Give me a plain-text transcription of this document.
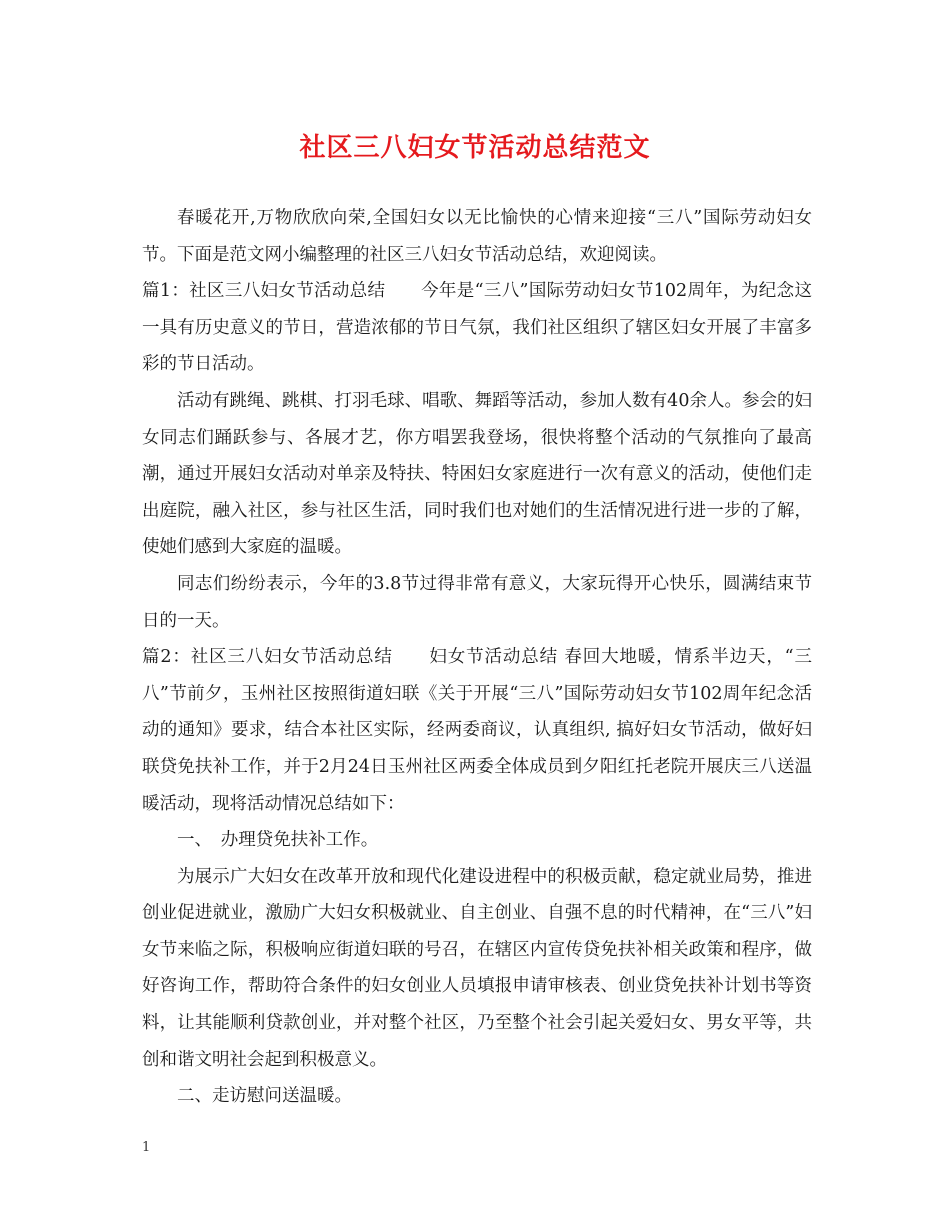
社区三八妇女节活动总结范文

春暖花开,万物欣欣向荣,全国妇女以无比愉快的心情来迎接“三八”国际劳动妇女节。下面是范文网小编整理的社区三八妇女节活动总结，欢迎阅读。

篇1：社区三八妇女节活动总结　　今年是“三八”国际劳动妇女节102周年，为纪念这一具有历史意义的节日，营造浓郁的节日气氛，我们社区组织了辖区妇女开展了丰富多彩的节日活动。

活动有跳绳、跳棋、打羽毛球、唱歌、舞蹈等活动，参加人数有40余人。参会的妇女同志们踊跃参与、各展才艺，你方唱罢我登场，很快将整个活动的气氛推向了最高潮，通过开展妇女活动对单亲及特扶、特困妇女家庭进行一次有意义的活动，使他们走出庭院，融入社区，参与社区生活，同时我们也对她们的生活情况进行进一步的了解，使她们感到大家庭的温暖。

同志们纷纷表示，今年的3.8节过得非常有意义，大家玩得开心快乐，圆满结束节日的一天。

篇2：社区三八妇女节活动总结　　妇女节活动总结 春回大地暖，情系半边天，“三八”节前夕，玉州社区按照街道妇联《关于开展“三八”国际劳动妇女节102周年纪念活动的通知》要求，结合本社区实际，经两委商议，认真组织, 搞好妇女节活动，做好妇联贷免扶补工作，并于2月24日玉州社区两委全体成员到夕阳红托老院开展庆三八送温暖活动，现将活动情况总结如下：

一、　办理贷免扶补工作。

为展示广大妇女在改革开放和现代化建设进程中的积极贡献，稳定就业局势，推进创业促进就业，激励广大妇女积极就业、自主创业、自强不息的时代精神，在“三八”妇女节来临之际，积极响应街道妇联的号召，在辖区内宣传贷免扶补相关政策和程序，做好咨询工作，帮助符合条件的妇女创业人员填报申请审核表、创业贷免扶补计划书等资料，让其能顺利贷款创业，并对整个社区，乃至整个社会引起关爱妇女、男女平等，共创和谐文明社会起到积极意义。

二、走访慰问送温暖。

1
